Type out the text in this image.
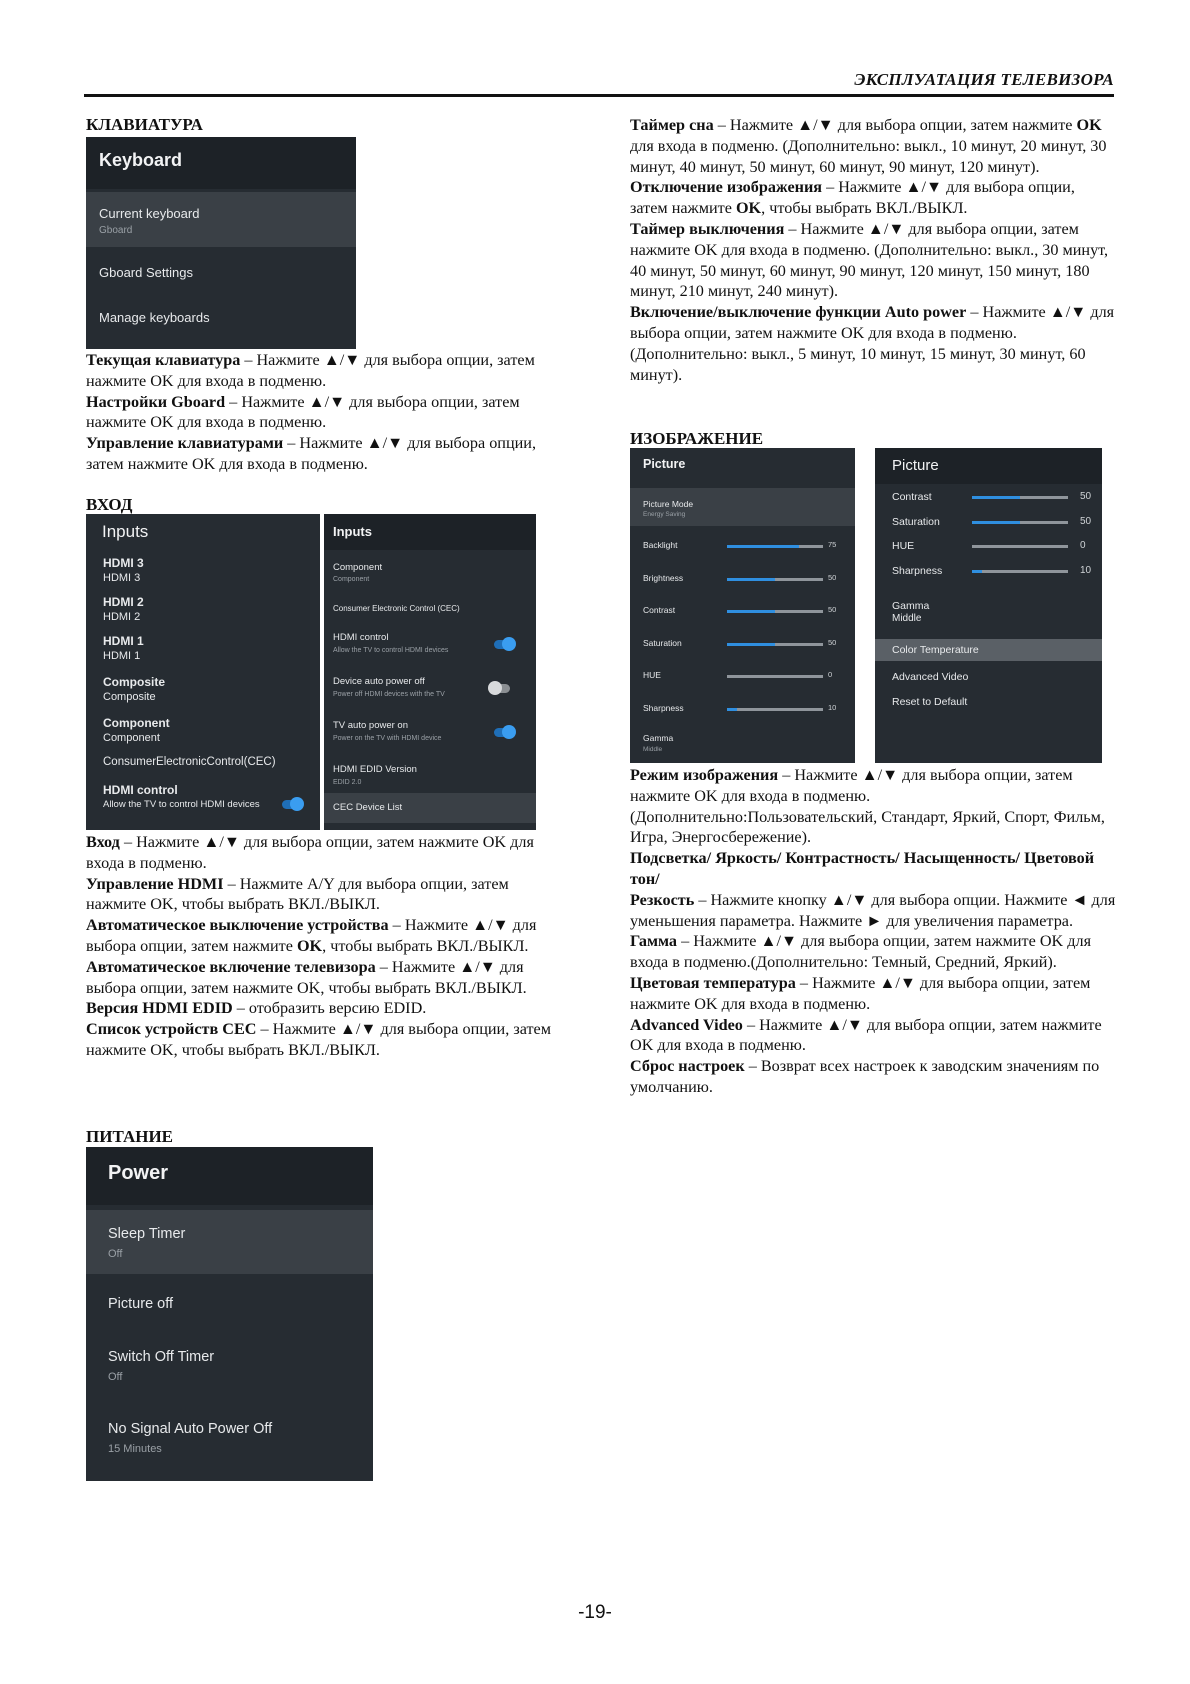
ЭКСПЛУАТАЦИЯ ТЕЛЕВИЗОРА
КЛАВИАТУРА
Keyboard
Current keyboard
Gboard
Gboard Settings
Manage keyboards

Текущая клавиатура – Нажмите ▲/▼ для выбора опции, затем нажмите OK для входа в подменю.

Настройки Gboard – Нажмите ▲/▼ для выбора опции, затем нажмите OK для входа в подменю.

Управление клавиатурами – Нажмите ▲/▼ для выбора опции, затем нажмите OK для входа в подменю.

ВХОД
Inputs
HDMI 3
HDMI 3
HDMI 2
HDMI 2
HDMI 1
HDMI 1
Composite
Composite
Component
Component
ConsumerElectronicControl(CEC)
HDMI control
Allow the TV to control HDMI devices
Inputs
Component
Component
Consumer Electronic Control (CEC)
HDMI control
Allow the TV to control HDMI devices
Device auto power off
Power off HDMI devices with the TV
TV auto power on
Power on the TV with HDMI device
HDMI EDID Version
EDID 2.0
CEC Device List

Вход – Нажмите ▲/▼ для выбора опции, затем нажмите OK для входа в подменю.

Управление HDMI – Нажмите A/Y для выбора опции, затем нажмите OK, чтобы выбрать ВКЛ./ВЫКЛ.

Автоматическое выключение устройства – Нажмите ▲/▼ для выбора опции, затем нажмите OK, чтобы выбрать ВКЛ./ВЫКЛ.

Автоматическое включение телевизора – Нажмите ▲/▼ для выбора опции, затем нажмите OK, чтобы выбрать ВКЛ./ВЫКЛ.

Версия HDMI EDID – отобразить версию EDID.

Список устройств CEC – Нажмите ▲/▼ для выбора опции, затем нажмите OK, чтобы выбрать ВКЛ./ВЫКЛ.

ПИТАНИЕ
Power
Sleep Timer
Off
Picture off
Switch Off Timer
Off
No Signal Auto Power Off
15 Minutes

Таймер сна – Нажмите ▲/▼ для выбора опции, затем нажмите OK для входа в подменю. (Дополнительно: выкл., 10 минут, 20 минут, 30 минут, 40 минут, 50 минут, 60 минут, 90 минут, 120 минут).

Отключение изображения – Нажмите ▲/▼ для выбора опции, затем нажмите OK, чтобы выбрать ВКЛ./ВЫКЛ.

Таймер выключения – Нажмите ▲/▼ для выбора опции, затем нажмите OK для входа в подменю. (Дополнительно: выкл., 30 минут, 40 минут, 50 минут, 60 минут, 90 минут, 120 минут, 150 минут, 180 минут, 210 минут, 240 минут).

Включение/выключение функции Auto power – Нажмите ▲/▼ для выбора опции, затем нажмите OK для входа в подменю. (Дополнительно: выкл., 5 минут, 10 минут, 15 минут, 30 минут, 60 минут).

ИЗОБРАЖЕНИЕ
Picture
Picture Mode
Energy Saving
Backlight	75
Brightness	50
Contrast	50
Saturation	50
HUE	0
Sharpness	10
Gamma
Middle
Picture
Contrast	50
Saturation	50
HUE	0
Sharpness	10
Gamma
Middle
Color Temperature
Advanced Video
Reset to Default

Режим изображения – Нажмите ▲/▼ для выбора опции, затем нажмите OK для входа в подменю. (Дополнительно:Пользовательский, Стандарт, Яркий, Спорт, Фильм, Игра, Энергосбережение).

Подсветка/ Яркость/ Контрастность/ Насыщенность/ Цветовой тон/

Резкость – Нажмите кнопку ▲/▼ для выбора опции. Нажмите ◄ для уменьшения параметра. Нажмите ► для увеличения параметра.

Гамма – Нажмите ▲/▼ для выбора опции, затем нажмите OK для входа в подменю.(Дополнительно: Темный, Средний, Яркий).

Цветовая температура – Нажмите ▲/▼ для выбора опции, затем нажмите OK для входа в подменю.

Advanced Video – Нажмите ▲/▼ для выбора опции, затем нажмите OK для входа в подменю.

Сброс настроек – Возврат всех настроек к заводским значениям по умолчанию.

-19-
